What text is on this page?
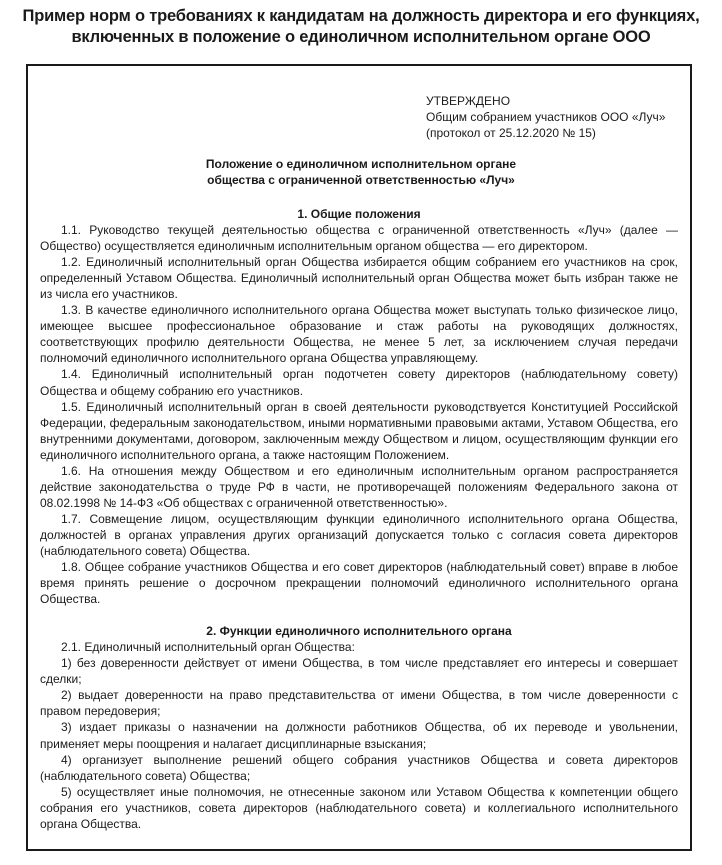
Пример норм о требованиях к кандидатам на должность директора и его функциях,
включенных в положение о единоличном исполнительном органе ООО
УТВЕРЖДЕНО
Общим собранием участников ООО «Луч»
(протокол от 25.12.2020 № 15)
Положение о единоличном исполнительном органе
общества с ограниченной ответственностью «Луч»
1. Общие положения

1.1. Руководство текущей деятельностью общества с ограниченной ответственность «Луч» (далее — Общество) осуществляется единоличным исполнительным органом общества — его директором.

1.2. Единоличный исполнительный орган Общества избирается общим собранием его участников на срок, определенный Уставом Общества. Единоличный исполнительный орган Общества может быть избран также не из числа его участников.

1.3. В качестве единоличного исполнительного органа Общества может выступать только физическое лицо, имеющее высшее профессиональное образование и стаж работы на руководящих должностях, соответствующих профилю деятельности Общества, не менее 5 лет, за исключением случая передачи полномочий единоличного исполнительного органа Общества управляющему.

1.4. Единоличный исполнительный орган подотчетен совету директоров (наблюдательному совету) Общества и общему собранию его участников.

1.5. Единоличный исполнительный орган в своей деятельности руководствуется Конституцией Российской Федерации, федеральным законодательством, иными нормативными правовыми актами, Уставом Общества, его внутренними документами, договором, заключенным между Обществом и лицом, осуществляющим функции его единоличного исполнительного органа, а также настоящим Положением.

1.6. На отношения между Обществом и его единоличным исполнительным органом распространяется действие законодательства о труде РФ в части, не противоречащей положениям Федерального закона от 08.02.1998 № 14-ФЗ «Об обществах с ограниченной ответственностью».

1.7. Совмещение лицом, осуществляющим функции единоличного исполнительного органа Общества, должностей в органах управления других организаций допускается только с согласия совета директоров (наблюдательного совета) Общества.

1.8. Общее собрание участников Общества и его совет директоров (наблюдательный совет) вправе в любое время принять решение о досрочном прекращении полномочий единоличного исполнительного органа Общества.

2. Функции единоличного исполнительного органа

2.1. Единоличный исполнительный орган Общества:

1) без доверенности действует от имени Общества, в том числе представляет его интересы и совершает сделки;

2) выдает доверенности на право представительства от имени Общества, в том числе доверенности с правом передоверия;

3) издает приказы о назначении на должности работников Общества, об их переводе и увольнении, применяет меры поощрения и налагает дисциплинарные взыскания;

4) организует выполнение решений общего собрания участников Общества и совета директоров (наблюдательного совета) Общества;

5) осуществляет иные полномочия, не отнесенные законом или Уставом Общества к компетенции общего собрания его участников, совета директоров (наблюдательного совета) и коллегиального исполнительного органа Общества.
